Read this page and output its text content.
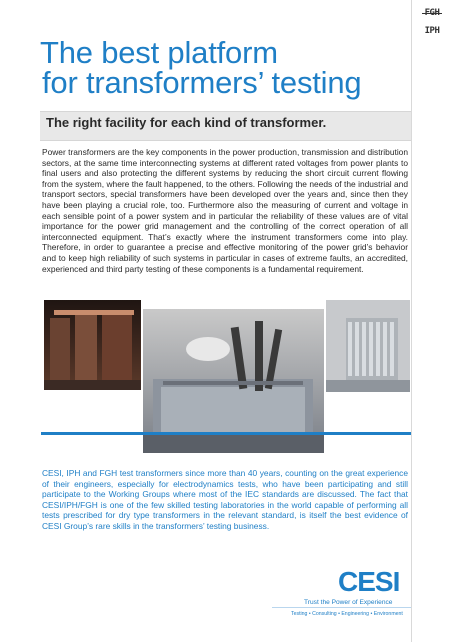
FGH
IPH
The best platform
for transformers’ testing
The right facility for each kind of transformer.
Power transformers are the key components in the power production, transmission and distribution sectors, at the same time interconnecting systems at different rated voltages from power plants to final users and also protecting the different systems by reducing the short circuit current flowing from the system, where the fault happened, to the others. Following the needs of the industrial and transport sectors, special transformers have been developed over the years and, since then they have been playing a crucial role, too. Furthermore also the measuring of current and voltage in each sensible point of a power system and in particular the reliability of these values are of vital importance for the power grid management and the controlling of the correct operation of all interconnected equipment. That’s exactly where the instrument transformers come into play. Therefore, in order to guarantee a precise and effective monitoring of the power grid’s behavior and to keep high reliability of such systems in particular in cases of extreme faults, an accredited, experienced and third party testing of these components is a fundamental requirement.
CESI, IPH and FGH test transformers since more than 40 years, counting on the great experience of their engineers, especially for electrodynamics tests, who have been participating and still participate to the Working Groups where most of the IEC standards are discussed. The fact that CESI/IPH/FGH is one of the few skilled testing laboratories in the world capable of performing all tests prescribed for dry type transformers in the relevant standard, is itself the best evidence of CESI Group’s rare skills in the transformers’ testing business.
CESI
Trust the Power of Experience
Testing • Consulting • Engineering • Environment
